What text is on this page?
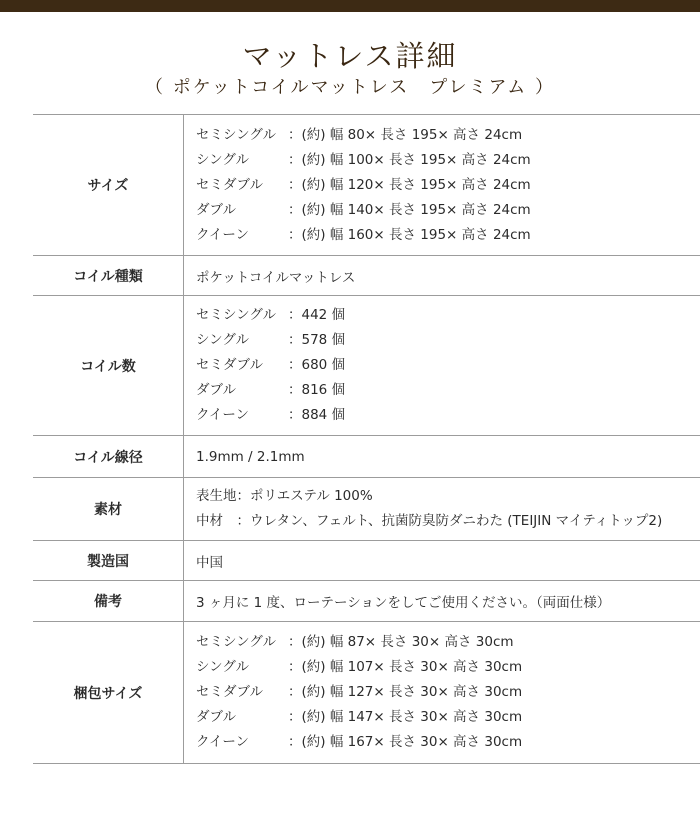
マットレス詳細
（ ポケットコイルマットレス　プレミアム ）
サイズ
セミシングル ：(約) 幅 80× 長さ 195× 高さ 24cm
シングル	：(約) 幅 100× 長さ 195× 高さ 24cm
セミダブル	：(約) 幅 120× 長さ 195× 高さ 24cm
ダブル	：(約) 幅 140× 長さ 195× 高さ 24cm
クイーン	：(約) 幅 160× 長さ 195× 高さ 24cm
コイル種類	ポケットコイルマットレス
コイル数
セミシングル ：442 個
シングル	：578 個
セミダブル	：680 個
ダブル	：816 個
クイーン	：884 個
コイル線径	1.9mm / 2.1mm
素材
表生地 ：ポリエステル 100%
中材　 ：ウレタン、フェルト、抗菌防臭防ダニわた (TEIJIN マイティトップ2)
製造国	中国
備考	3 ヶ月に 1 度、ローテーションをしてご使用ください。（両面仕様）
梱包サイズ
セミシングル ：(約) 幅 87× 長さ 30× 高さ 30cm
シングル	：(約) 幅 107× 長さ 30× 高さ 30cm
セミダブル	：(約) 幅 127× 長さ 30× 高さ 30cm
ダブル	：(約) 幅 147× 長さ 30× 高さ 30cm
クイーン	：(約) 幅 167× 長さ 30× 高さ 30cm
